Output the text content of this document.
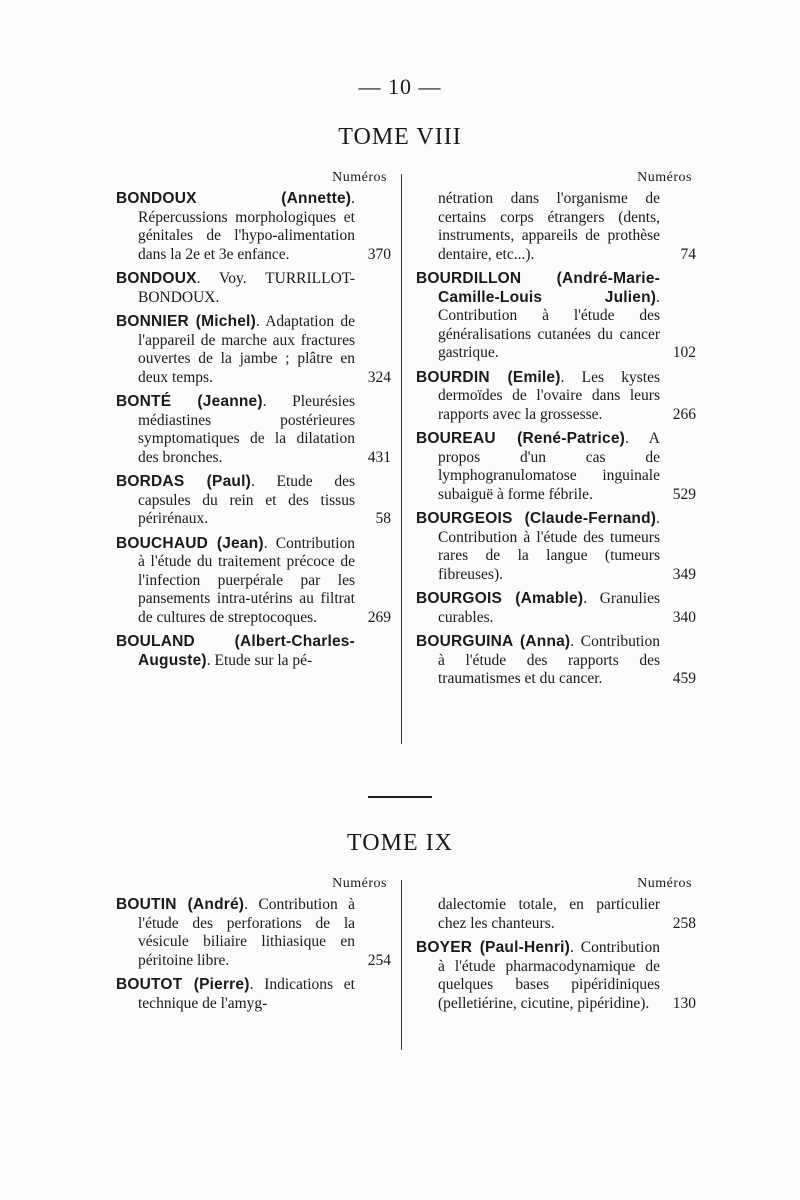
— 10 —
TOME VIII
Numéros
BONDOUX (Annette). Répercussions morphologiques et génitales de l'hypo-alimentation dans la 2e et 3e enfance.	370
BONDOUX. Voy. TURRILLOT-BONDOUX.
BONNIER (Michel). Adaptation de l'appareil de marche aux fractures ouvertes de la jambe ; plâtre en deux temps.	324
BONTÉ (Jeanne). Pleurésies médiastines postérieures symptomatiques de la dilatation des bronches.	431
BORDAS (Paul). Etude des capsules du rein et des tissus périrénaux.	58
BOUCHAUD (Jean). Contribution à l'étude du traitement précoce de l'infection puerpérale par les pansements intra-utérins au filtrat de cultures de streptocoques.	269
BOULAND (Albert-Charles-Auguste). Etude sur la pé-
Numéros
nétration dans l'organisme de certains corps étrangers (dents, instruments, appareils de prothèse dentaire, etc...).	74
BOURDILLON (André-Marie-Camille-Louis Julien). Contribution à l'étude des généralisations cutanées du cancer gastrique.	102
BOURDIN (Emile). Les kystes dermoïdes de l'ovaire dans leurs rapports avec la grossesse.	266
BOUREAU (René-Patrice). A propos d'un cas de lymphogranulomatose inguinale subaiguë à forme fébrile.	529
BOURGEOIS (Claude-Fernand). Contribution à l'étude des tumeurs rares de la langue (tumeurs fibreuses).	349
BOURGOIS (Amable). Granulies curables.	340
BOURGUINA (Anna). Contribution à l'étude des rapports des traumatismes et du cancer.	459
TOME IX
Numéros
BOUTIN (André). Contribution à l'étude des perforations de la vésicule biliaire lithiasique en péritoine libre.	254
BOUTOT (Pierre). Indications et technique de l'amyg-
Numéros
dalectomie totale, en particulier chez les chanteurs.	258
BOYER (Paul-Henri). Contribution à l'étude pharmacodynamique de quelques bases pipéridiniques (pelletiérine, cicutine, pipéridine). 130
